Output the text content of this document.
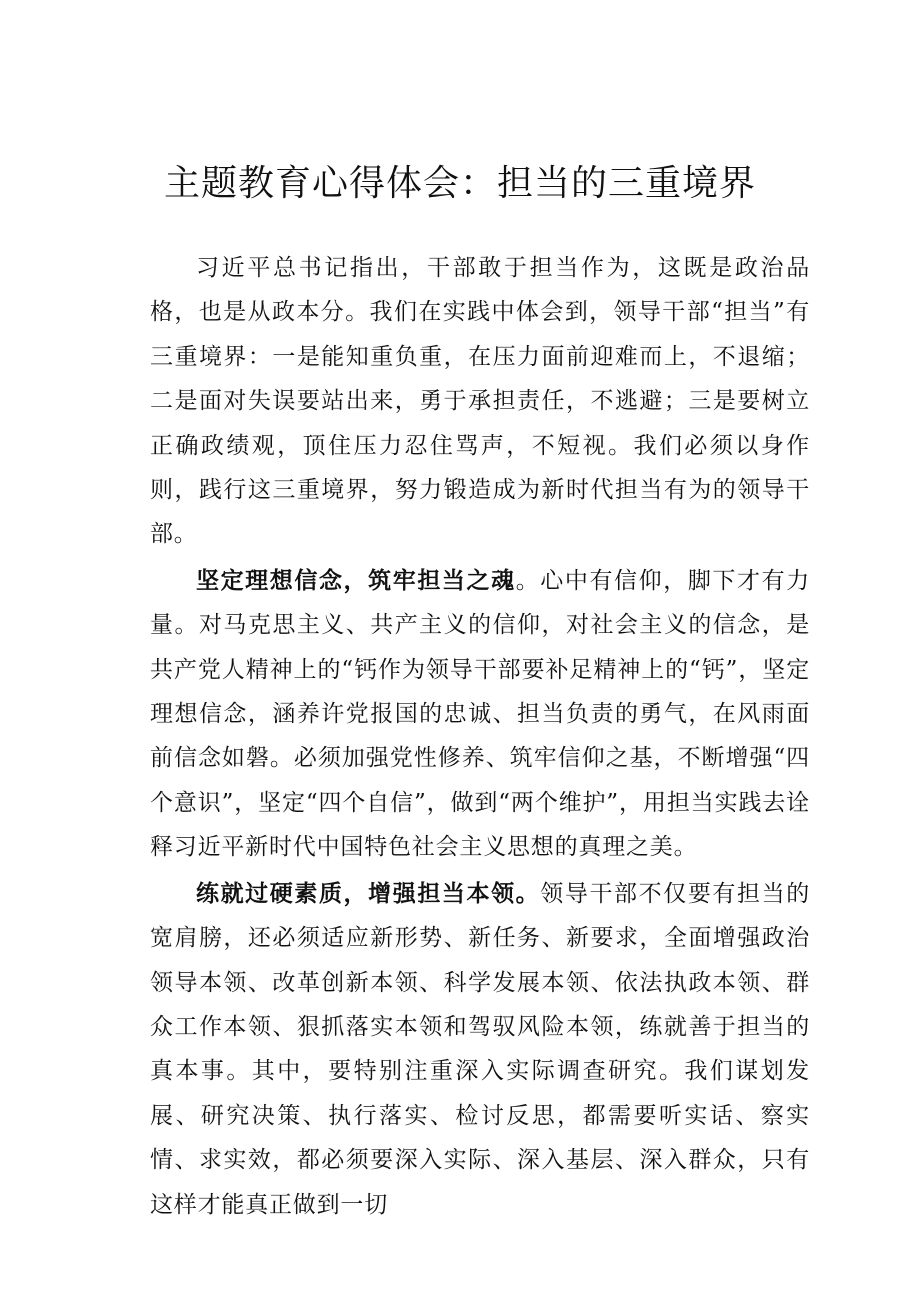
主题教育心得体会：担当的三重境界

习近平总书记指出，干部敢于担当作为，这既是政治品格，也是从政本分。我们在实践中体会到，领导干部“担当”有三重境界：一是能知重负重，在压力面前迎难而上，不退缩；二是面对失误要站出来，勇于承担责任，不逃避；三是要树立正确政绩观，顶住压力忍住骂声，不短视。我们必须以身作则，践行这三重境界，努力锻造成为新时代担当有为的领导干部。

坚定理想信念，筑牢担当之魂。心中有信仰，脚下才有力量。对马克思主义、共产主义的信仰，对社会主义的信念，是共产党人精神上的“钙作为领导干部要补足精神上的“钙”，坚定理想信念，涵养许党报国的忠诚、担当负责的勇气，在风雨面前信念如磐。必须加强党性修养、筑牢信仰之基，不断增强“四个意识”，坚定“四个自信”，做到“两个维护”，用担当实践去诠释习近平新时代中国特色社会主义思想的真理之美。

练就过硬素质，增强担当本领。领导干部不仅要有担当的宽肩膀，还必须适应新形势、新任务、新要求，全面增强政治领导本领、改革创新本领、科学发展本领、依法执政本领、群众工作本领、狠抓落实本领和驾驭风险本领，练就善于担当的真本事。其中，要特别注重深入实际调查研究。我们谋划发展、研究决策、执行落实、检讨反思，都需要听实话、察实情、求实效，都必须要深入实际、深入基层、深入群众，只有这样才能真正做到一切
